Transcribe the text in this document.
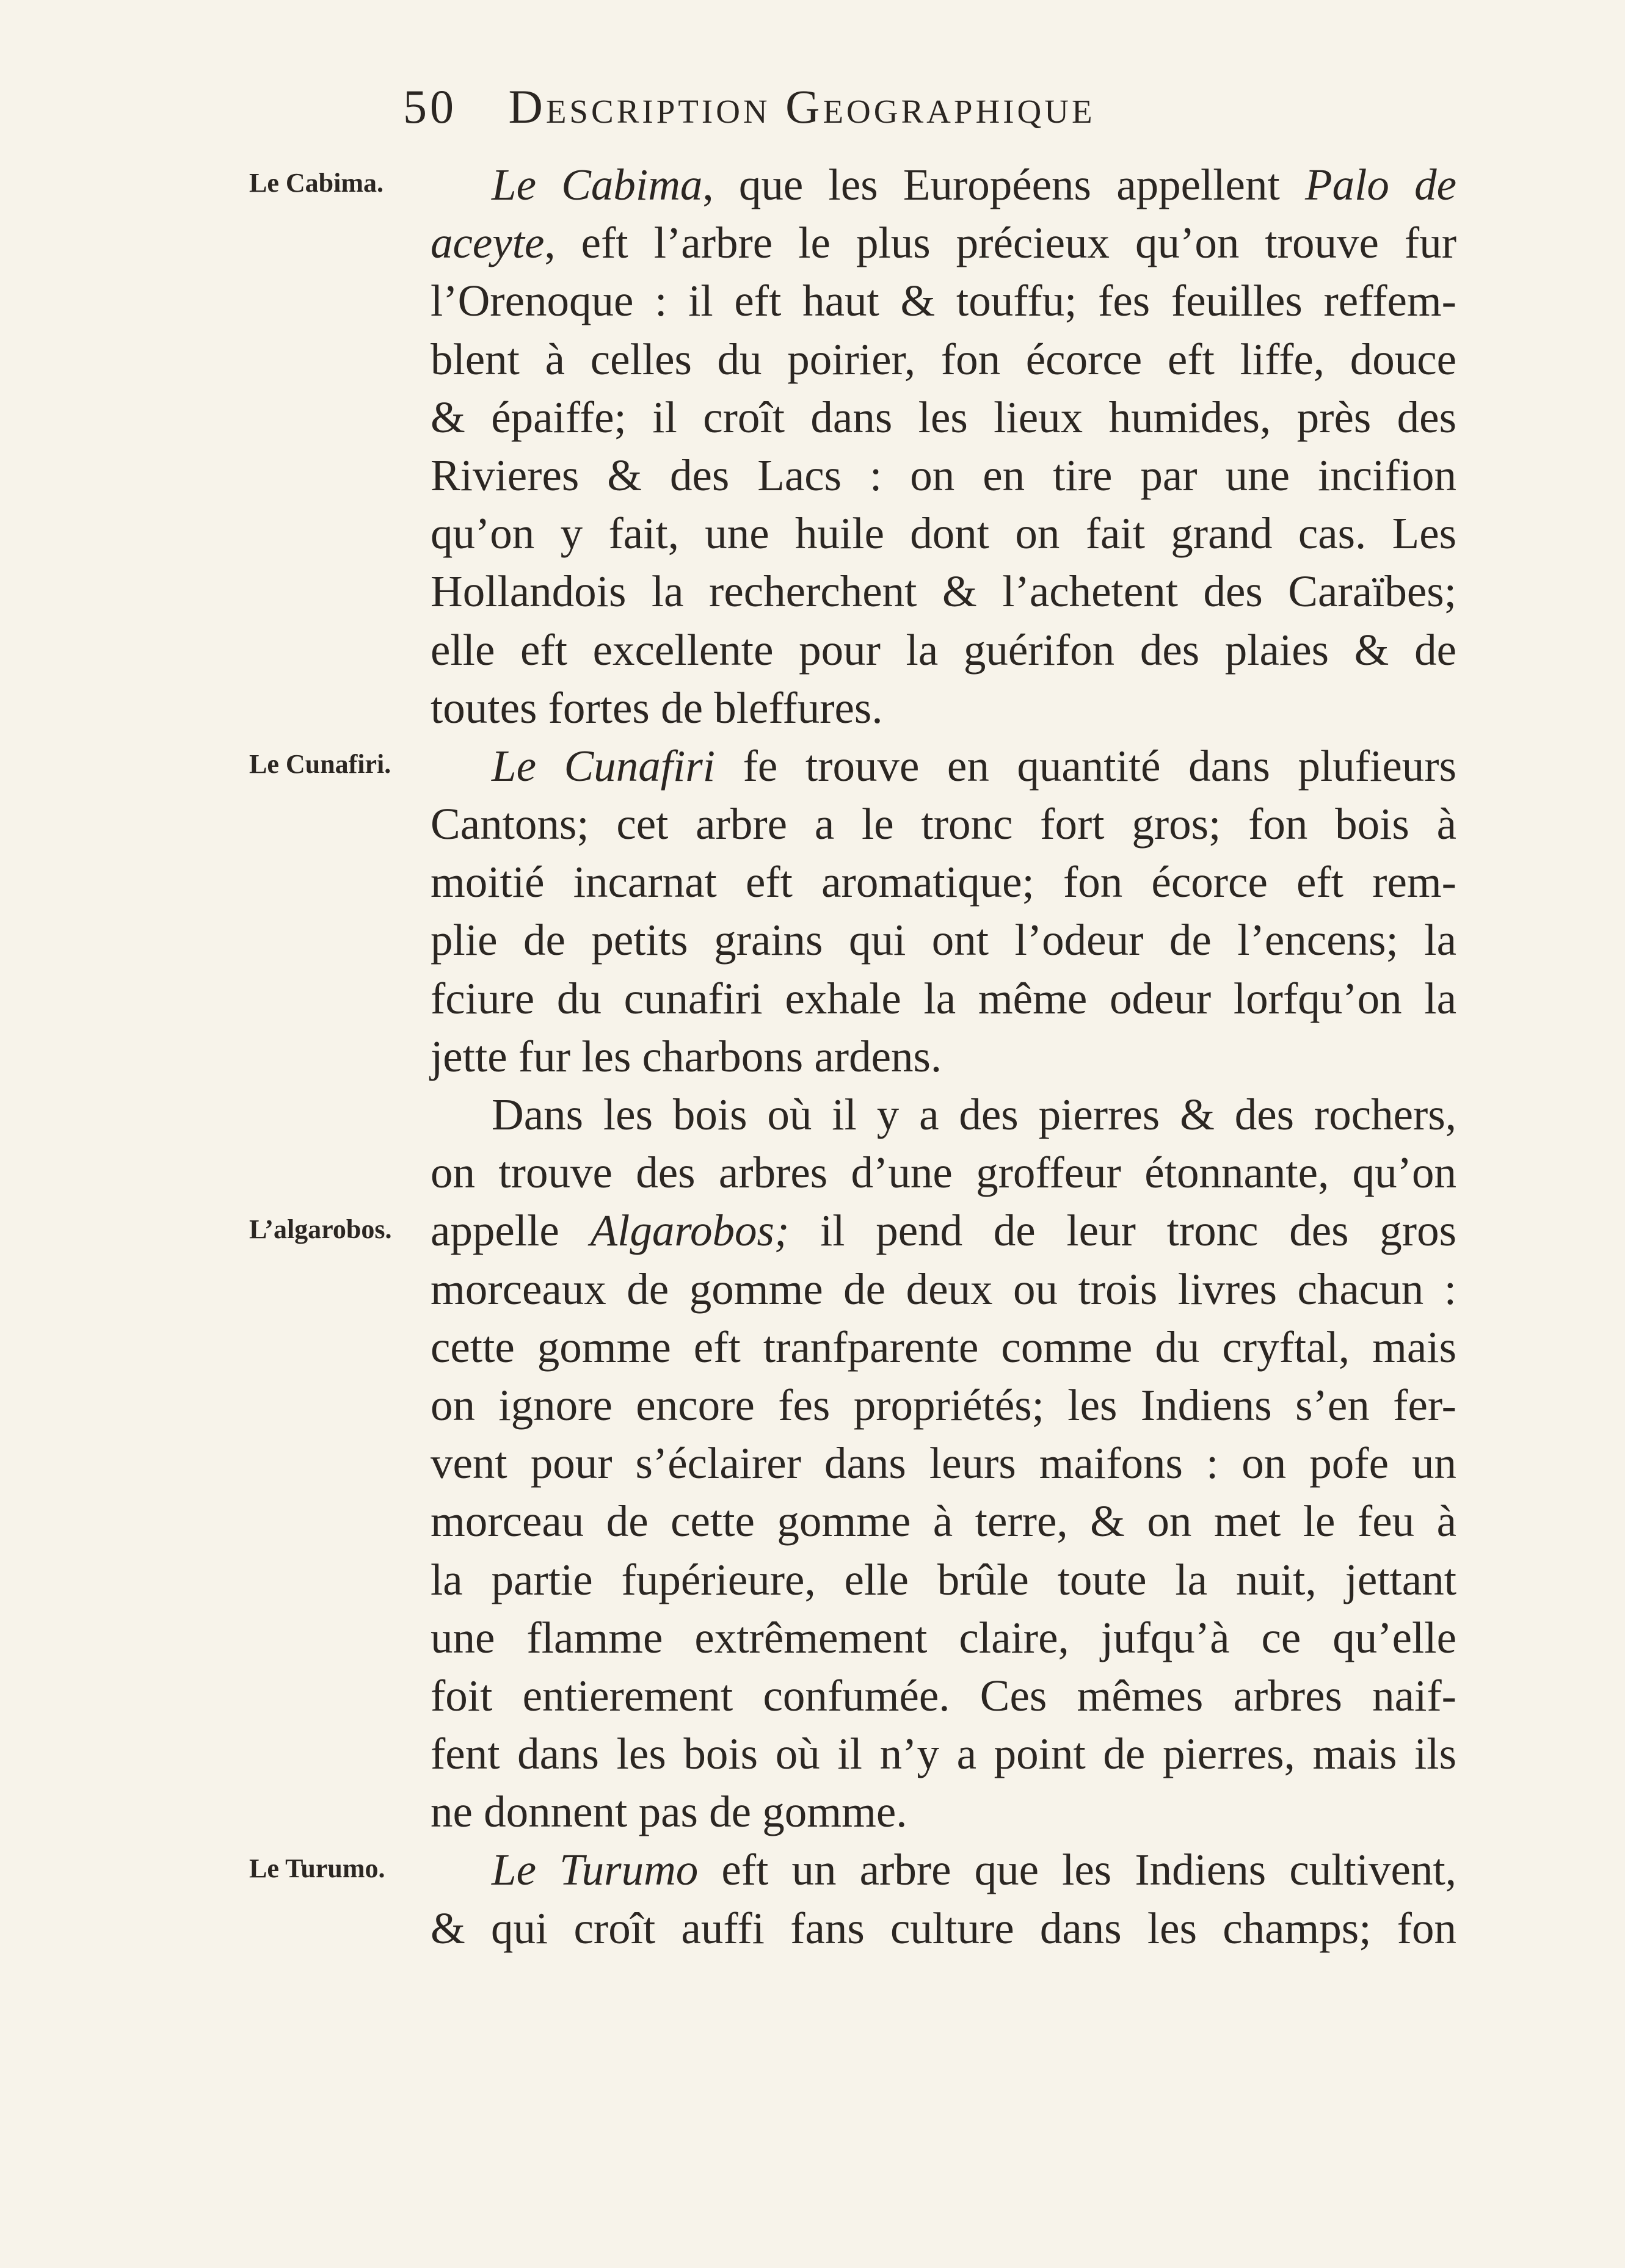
50 Description Geographique
Le Cabima.
Le Cunafiri.
L’algarobos.
Le Turumo.
Le Cabima, que les Européens appellent Palo de
aceyte, eft l’arbre le plus précieux qu’on trouve fur
l’Orenoque : il eft haut & touffu; fes feuilles reffem-
blent à celles du poirier, fon écorce eft liffe, douce
& épaiffe; il croît dans les lieux humides, près des
Rivieres & des Lacs : on en tire par une incifion
qu’on y fait, une huile dont on fait grand cas. Les
Hollandois la recherchent & l’achetent des Caraïbes;
elle eft excellente pour la guérifon des plaies & de
toutes fortes de bleffures.
Le Cunafiri fe trouve en quantité dans plufieurs
Cantons; cet arbre a le tronc fort gros; fon bois à
moitié incarnat eft aromatique; fon écorce eft rem-
plie de petits grains qui ont l’odeur de l’encens; la
fciure du cunafiri exhale la même odeur lorfqu’on la
jette fur les charbons ardens.
Dans les bois où il y a des pierres & des rochers,
on trouve des arbres d’une groffeur étonnante, qu’on
appelle Algarobos; il pend de leur tronc des gros
morceaux de gomme de deux ou trois livres chacun :
cette gomme eft tranfparente comme du cryftal, mais
on ignore encore fes propriétés; les Indiens s’en fer-
vent pour s’éclairer dans leurs maifons : on pofe un
morceau de cette gomme à terre, & on met le feu à
la partie fupérieure, elle brûle toute la nuit, jettant
une flamme extrêmement claire, jufqu’à ce qu’elle
foit entierement confumée. Ces mêmes arbres naif-
fent dans les bois où il n’y a point de pierres, mais ils
ne donnent pas de gomme.
Le Turumo eft un arbre que les Indiens cultivent,
& qui croît auffi fans culture dans les champs; fon
